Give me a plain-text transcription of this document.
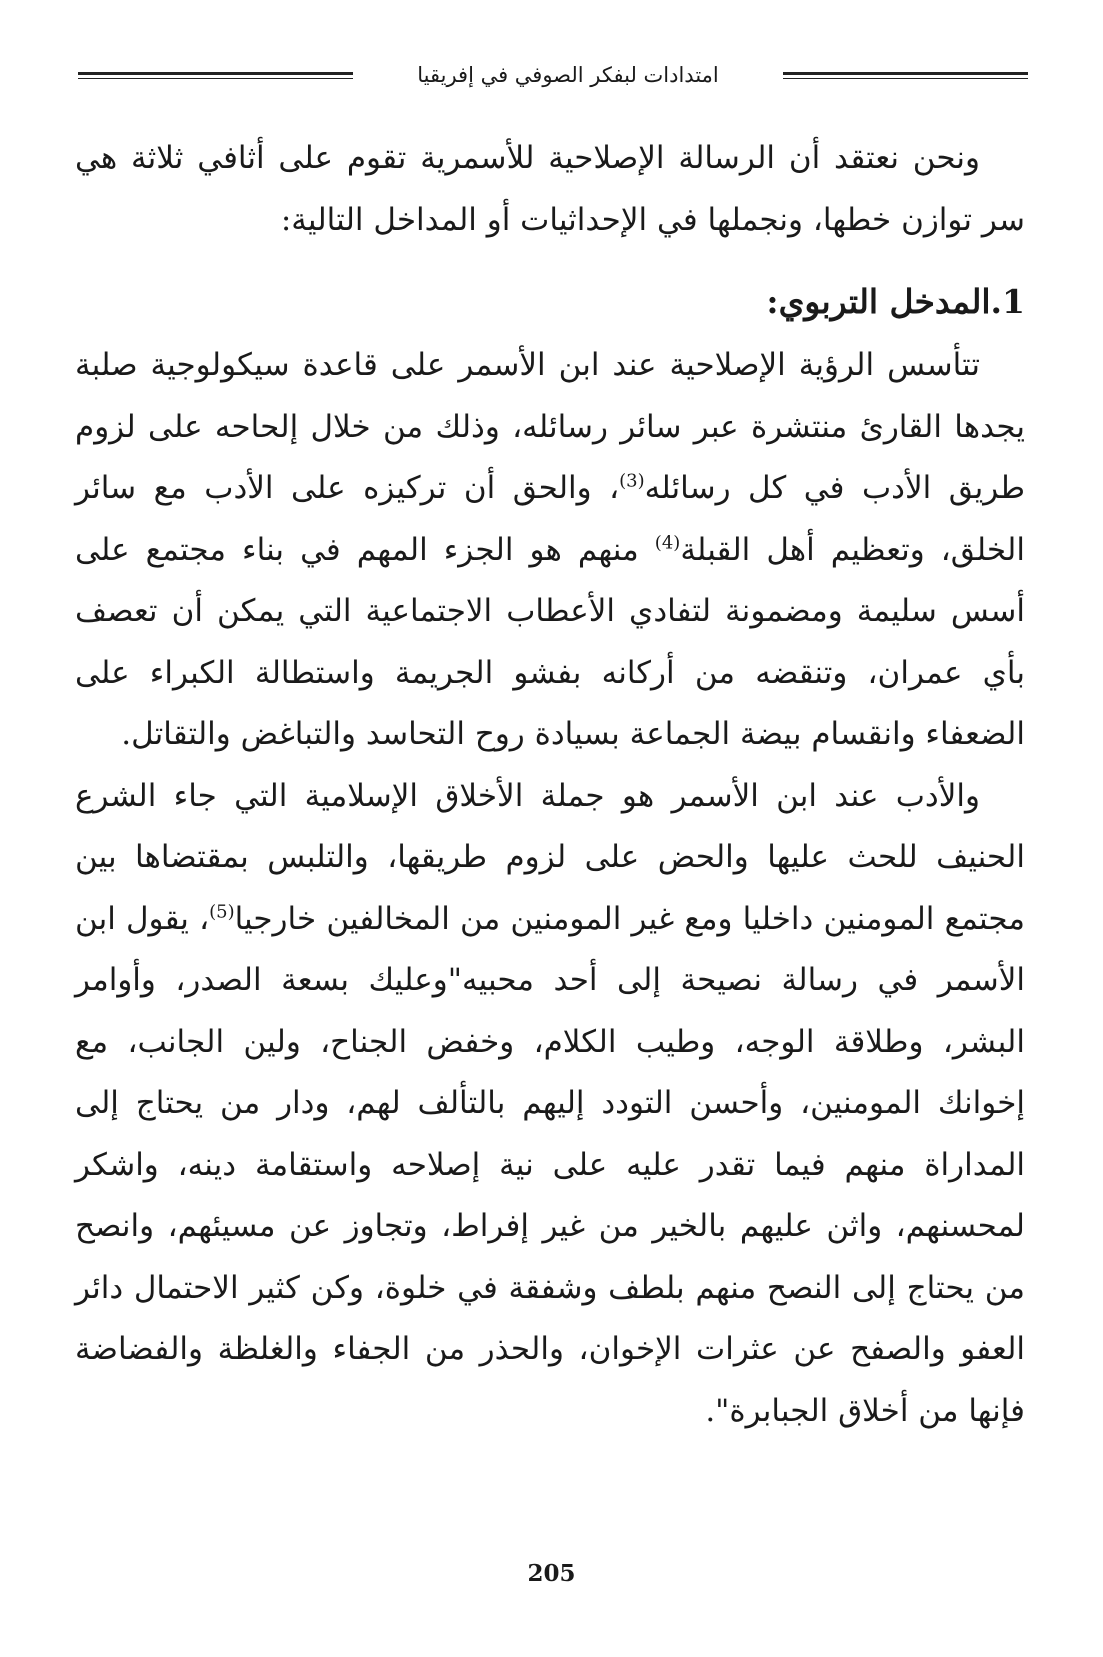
امتدادات لبفكر الصوفي في إفريقيا

ونحن نعتقد أن الرسالة الإصلاحية للأسمرية تقوم على أثافي ثلاثة هي سر توازن خطها، ونجملها في الإحداثيات أو المداخل التالية:

1.المدخل التربوي:

تتأسس الرؤية الإصلاحية عند ابن الأسمر على قاعدة سيكولوجية صلبة يجدها القارئ منتشرة عبر سائر رسائله، وذلك من خلال إلحاحه على لزوم طريق الأدب في كل رسائله$^{(3)}$، والحق أن تركيزه على الأدب مع سائر الخلق، وتعظيم أهل القبلة$^{(4)}$ منهم هو الجزء المهم في بناء مجتمع على أسس سليمة ومضمونة لتفادي الأعطاب الاجتماعية التي يمكن أن تعصف بأي عمران، وتنقضه من أركانه بفشو الجريمة واستطالة الكبراء على الضعفاء وانقسام بيضة الجماعة بسيادة روح التحاسد والتباغض والتقاتل.

والأدب عند ابن الأسمر هو جملة الأخلاق الإسلامية التي جاء الشرع الحنيف للحث عليها والحض على لزوم طريقها، والتلبس بمقتضاها بين مجتمع المومنين داخليا ومع غير المومنين من المخالفين خارجيا$^{(5)}$، يقول ابن الأسمر في رسالة نصيحة إلى أحد محبيه"وعليك بسعة الصدر، وأوامر البشر، وطلاقة الوجه، وطيب الكلام، وخفض الجناح، ولين الجانب، مع إخوانك المومنين، وأحسن التودد إليهم بالتألف لهم، ودار من يحتاج إلى المداراة منهم فيما تقدر عليه على نية إصلاحه واستقامة دينه، واشكر لمحسنهم، واثن عليهم بالخير من غير إفراط، وتجاوز عن مسيئهم، وانصح من يحتاج إلى النصح منهم بلطف وشفقة في خلوة، وكن كثير الاحتمال دائر العفو والصفح عن عثرات الإخوان، والحذر من الجفاء والغلظة والفضاضة فإنها من أخلاق الجبابرة".

205
